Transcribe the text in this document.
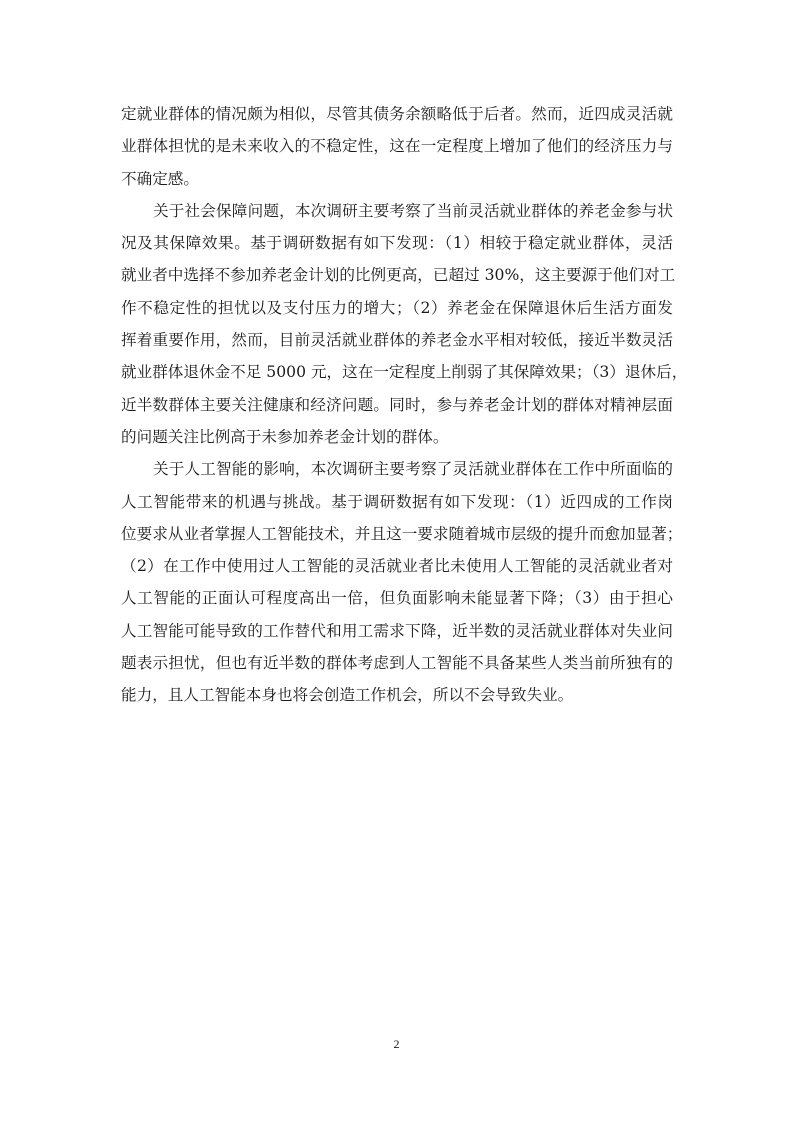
定就业群体的情况颇为相似，尽管其债务余额略低于后者。然而，近四成灵活就
业群体担忧的是未来收入的不稳定性，这在一定程度上增加了他们的经济压力与
不确定感。
关于社会保障问题，本次调研主要考察了当前灵活就业群体的养老金参与状
况及其保障效果。基于调研数据有如下发现：（1）相较于稳定就业群体，灵活
就业者中选择不参加养老金计划的比例更高，已超过 30%，这主要源于他们对工
作不稳定性的担忧以及支付压力的增大；（2）养老金在保障退休后生活方面发
挥着重要作用，然而，目前灵活就业群体的养老金水平相对较低，接近半数灵活
就业群体退休金不足 5000 元，这在一定程度上削弱了其保障效果；（3）退休后，
近半数群体主要关注健康和经济问题。同时，参与养老金计划的群体对精神层面
的问题关注比例高于未参加养老金计划的群体。
关于人工智能的影响，本次调研主要考察了灵活就业群体在工作中所面临的
人工智能带来的机遇与挑战。基于调研数据有如下发现：（1）近四成的工作岗
位要求从业者掌握人工智能技术，并且这一要求随着城市层级的提升而愈加显著；
（2）在工作中使用过人工智能的灵活就业者比未使用人工智能的灵活就业者对
人工智能的正面认可程度高出一倍，但负面影响未能显著下降；（3）由于担心
人工智能可能导致的工作替代和用工需求下降，近半数的灵活就业群体对失业问
题表示担忧，但也有近半数的群体考虑到人工智能不具备某些人类当前所独有的
能力，且人工智能本身也将会创造工作机会，所以不会导致失业。
2
